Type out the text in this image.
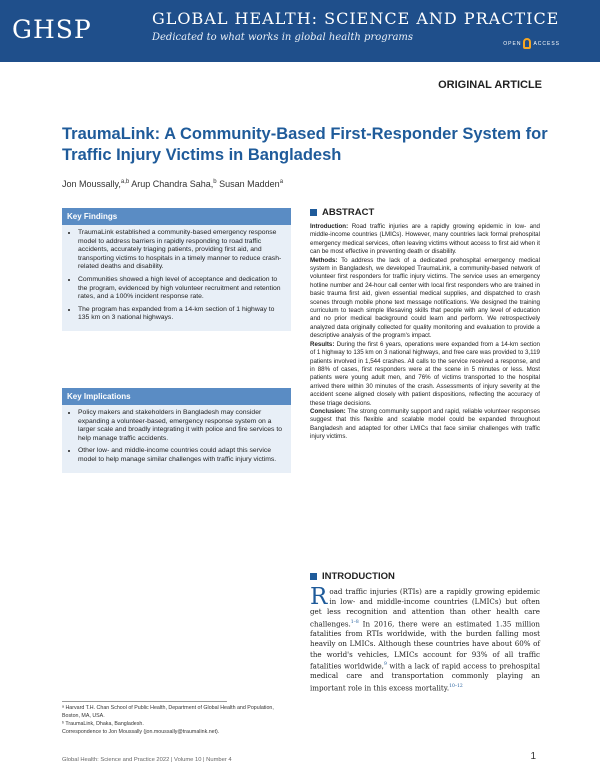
GHSP	GLOBAL HEALTH: SCIENCE AND PRACTICE
Dedicated to what works in global health programs
OPEN ACCESS
ORIGINAL ARTICLE
TraumaLink: A Community-Based First-Responder System for Traffic Injury Victims in Bangladesh
Jon Moussally,$^{a,b}$ Arup Chandra Saha,$^b$ Susan Madden$^a$
Key Findings
• TraumaLink established a community-based emergency response model to address barriers in rapidly responding to road traffic accidents, accurately triaging patients, providing first aid, and transporting victims to hospitals in a timely manner to reduce crash-related deaths and disability.
• Communities showed a high level of acceptance and dedication to the program, evidenced by high volunteer recruitment and retention rates, and a 100% incident response rate.
• The program has expanded from a 14-km section of 1 highway to 135 km on 3 national highways.
Key Implications
• Policy makers and stakeholders in Bangladesh may consider expanding a volunteer-based, emergency response system on a larger scale and broadly integrating it with police and fire services to help manage traffic accidents.
• Other low- and middle-income countries could adapt this service model to help manage similar challenges with traffic injury victims.
ABSTRACT

Introduction: Road traffic injuries are a rapidly growing epidemic in low- and middle-income countries (LMICs). However, many countries lack formal prehospital emergency medical services, often leaving victims without access to first aid when it can be most effective in preventing death or disability.

Methods: To address the lack of a dedicated prehospital emergency medical system in Bangladesh, we developed TraumaLink, a community-based network of volunteer first responders for traffic injury victims. The service uses an emergency hotline number and 24-hour call center with local first responders who are trained in basic trauma first aid, given essential medical supplies, and dispatched to crash scenes through mobile phone text message notifications. We designed the training curriculum to teach simple lifesaving skills that people with any level of education and no prior medical background could learn and perform. We retrospectively analyzed data originally collected for quality monitoring and evaluation to provide a descriptive analysis of the program's impact.

Results: During the first 6 years, operations were expanded from a 14-km section of 1 highway to 135 km on 3 national highways, and free care was provided to 3,119 patients involved in 1,544 crashes. All calls to the service received a response, and in 88% of cases, first responders were at the scene in 5 minutes or less. Most patients were young adult men, and 76% of victims transported to the hospital arrived there within 30 minutes of the crash. Assessments of injury severity at the accident scene aligned closely with patient dispositions, reflecting the accuracy of these triage decisions.

Conclusion: The strong community support and rapid, reliable volunteer responses suggest that this flexible and scalable model could be expanded throughout Bangladesh and adapted for other LMICs that face similar challenges with traffic injury victims.

INTRODUCTION
Road traffic injuries (RTIs) are a rapidly growing epidemic in low- and middle-income countries (LMICs) but often get less recognition and attention than other health care challenges.$^{1-8}$ In 2016, there were an estimated 1.35 million fatalities from RTIs worldwide, with the burden falling most heavily on LMICs. Although these countries have about 60% of the world's vehicles, LMICs account for 93% of all traffic fatalities worldwide,$^9$ with a lack of rapid access to prehospital medical care and transportation commonly playing an important role in this excess mortality.$^{10-12}$

ᵃ Harvard T.H. Chan School of Public Health, Department of Global Health and Population, Boston, MA, USA.

ᵇ TraumaLink, Dhaka, Bangladesh.

Correspondence to Jon Moussally (jon.moussally@traumalink.net).

Global Health: Science and Practice 2022 | Volume 10 | Number 4	1
